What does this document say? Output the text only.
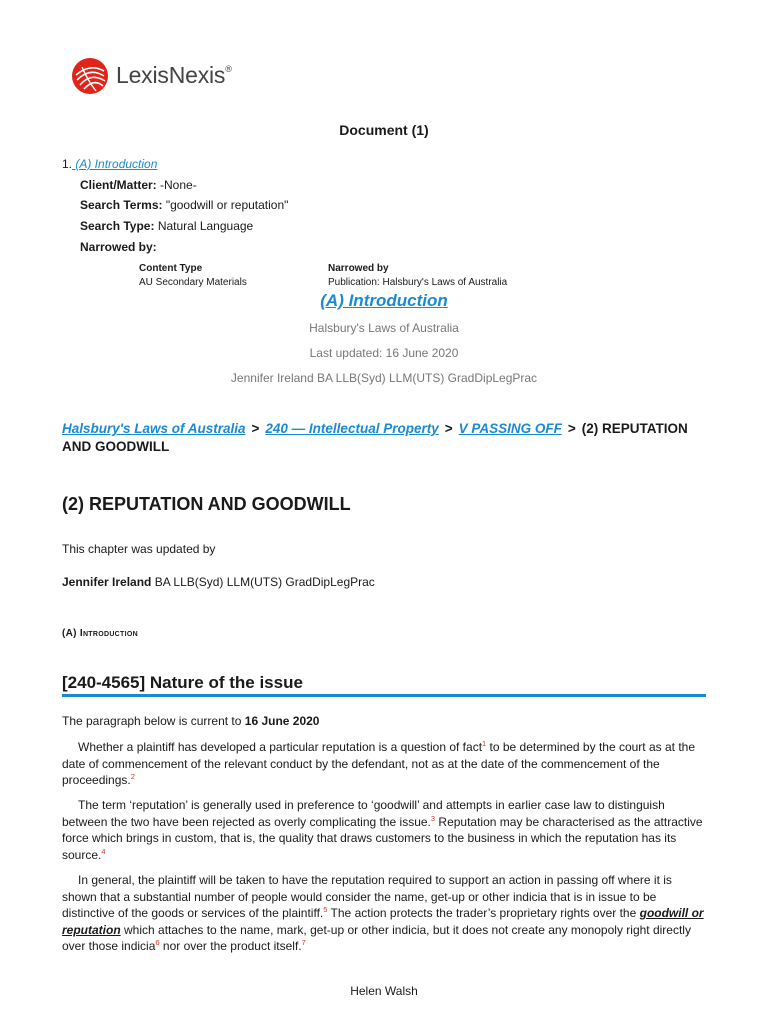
LexisNexis®
Document (1)
1. (A) Introduction
Client/Matter: -None-
Search Terms: "goodwill or reputation"
Search Type: Natural Language
Narrowed by:
Content Type
AU Secondary Materials
Narrowed by
Publication: Halsbury's Laws of Australia
(A) Introduction
Halsbury's Laws of Australia
Last updated: 16 June 2020
Jennifer Ireland BA LLB(Syd) LLM(UTS) GradDipLegPrac
Halsbury's Laws of Australia > 240 — Intellectual Property > V PASSING OFF > (2) REPUTATION AND GOODWILL
(2) REPUTATION AND GOODWILL
This chapter was updated by
Jennifer Ireland BA LLB(Syd) LLM(UTS) GradDipLegPrac
(A) Introduction
[240-4565] Nature of the issue
The paragraph below is current to 16 June 2020
Whether a plaintiff has developed a particular reputation is a question of fact$^1$ to be determined by the court as at the date of commencement of the relevant conduct by the defendant, not as at the date of the commencement of the proceedings.$^2$
The term ‘reputation’ is generally used in preference to ‘goodwill’ and attempts in earlier case law to distinguish between the two have been rejected as overly complicating the issue.$^3$ Reputation may be characterised as the attractive force which brings in custom, that is, the quality that draws customers to the business in which the reputation has its source.$^4$
In general, the plaintiff will be taken to have the reputation required to support an action in passing off where it is shown that a substantial number of people would consider the name, get-up or other indicia that is in issue to be distinctive of the goods or services of the plaintiff.$^5$ The action protects the trader’s proprietary rights over the goodwill or reputation which attaches to the name, mark, get-up or other indicia, but it does not create any monopoly right directly over those indicia$^6$ nor over the product itself.$^7$
Helen Walsh
